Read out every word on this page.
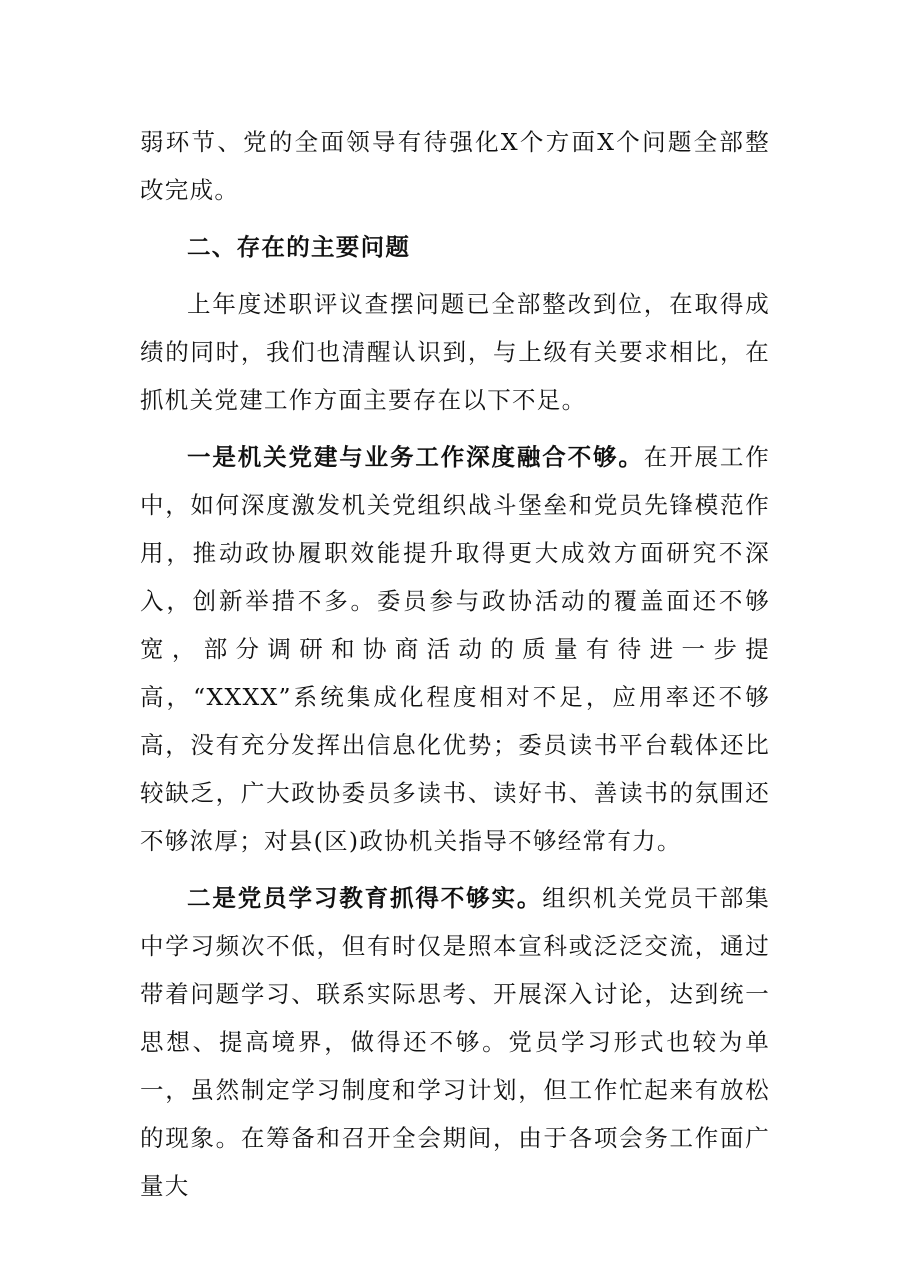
弱环节、党的全面领导有待强化X个方面X个问题全部整改完成。

二、存在的主要问题

上年度述职评议查摆问题已全部整改到位，在取得成绩的同时，我们也清醒认识到，与上级有关要求相比，在抓机关党建工作方面主要存在以下不足。

一是机关党建与业务工作深度融合不够。在开展工作中，如何深度激发机关党组织战斗堡垒和党员先锋模范作用，推动政协履职效能提升取得更大成效方面研究不深入，创新举措不多。委员参与政协活动的覆盖面还不够宽，部分调研和协商活动的质量有待进一步提高，“XXXX”系统集成化程度相对不足，应用率还不够高，没有充分发挥出信息化优势；委员读书平台载体还比较缺乏，广大政协委员多读书、读好书、善读书的氛围还不够浓厚；对县(区)政协机关指导不够经常有力。

二是党员学习教育抓得不够实。组织机关党员干部集中学习频次不低，但有时仅是照本宣科或泛泛交流，通过带着问题学习、联系实际思考、开展深入讨论，达到统一思想、提高境界，做得还不够。党员学习形式也较为单一，虽然制定学习制度和学习计划，但工作忙起来有放松的现象。在筹备和召开全会期间，由于各项会务工作面广量大
